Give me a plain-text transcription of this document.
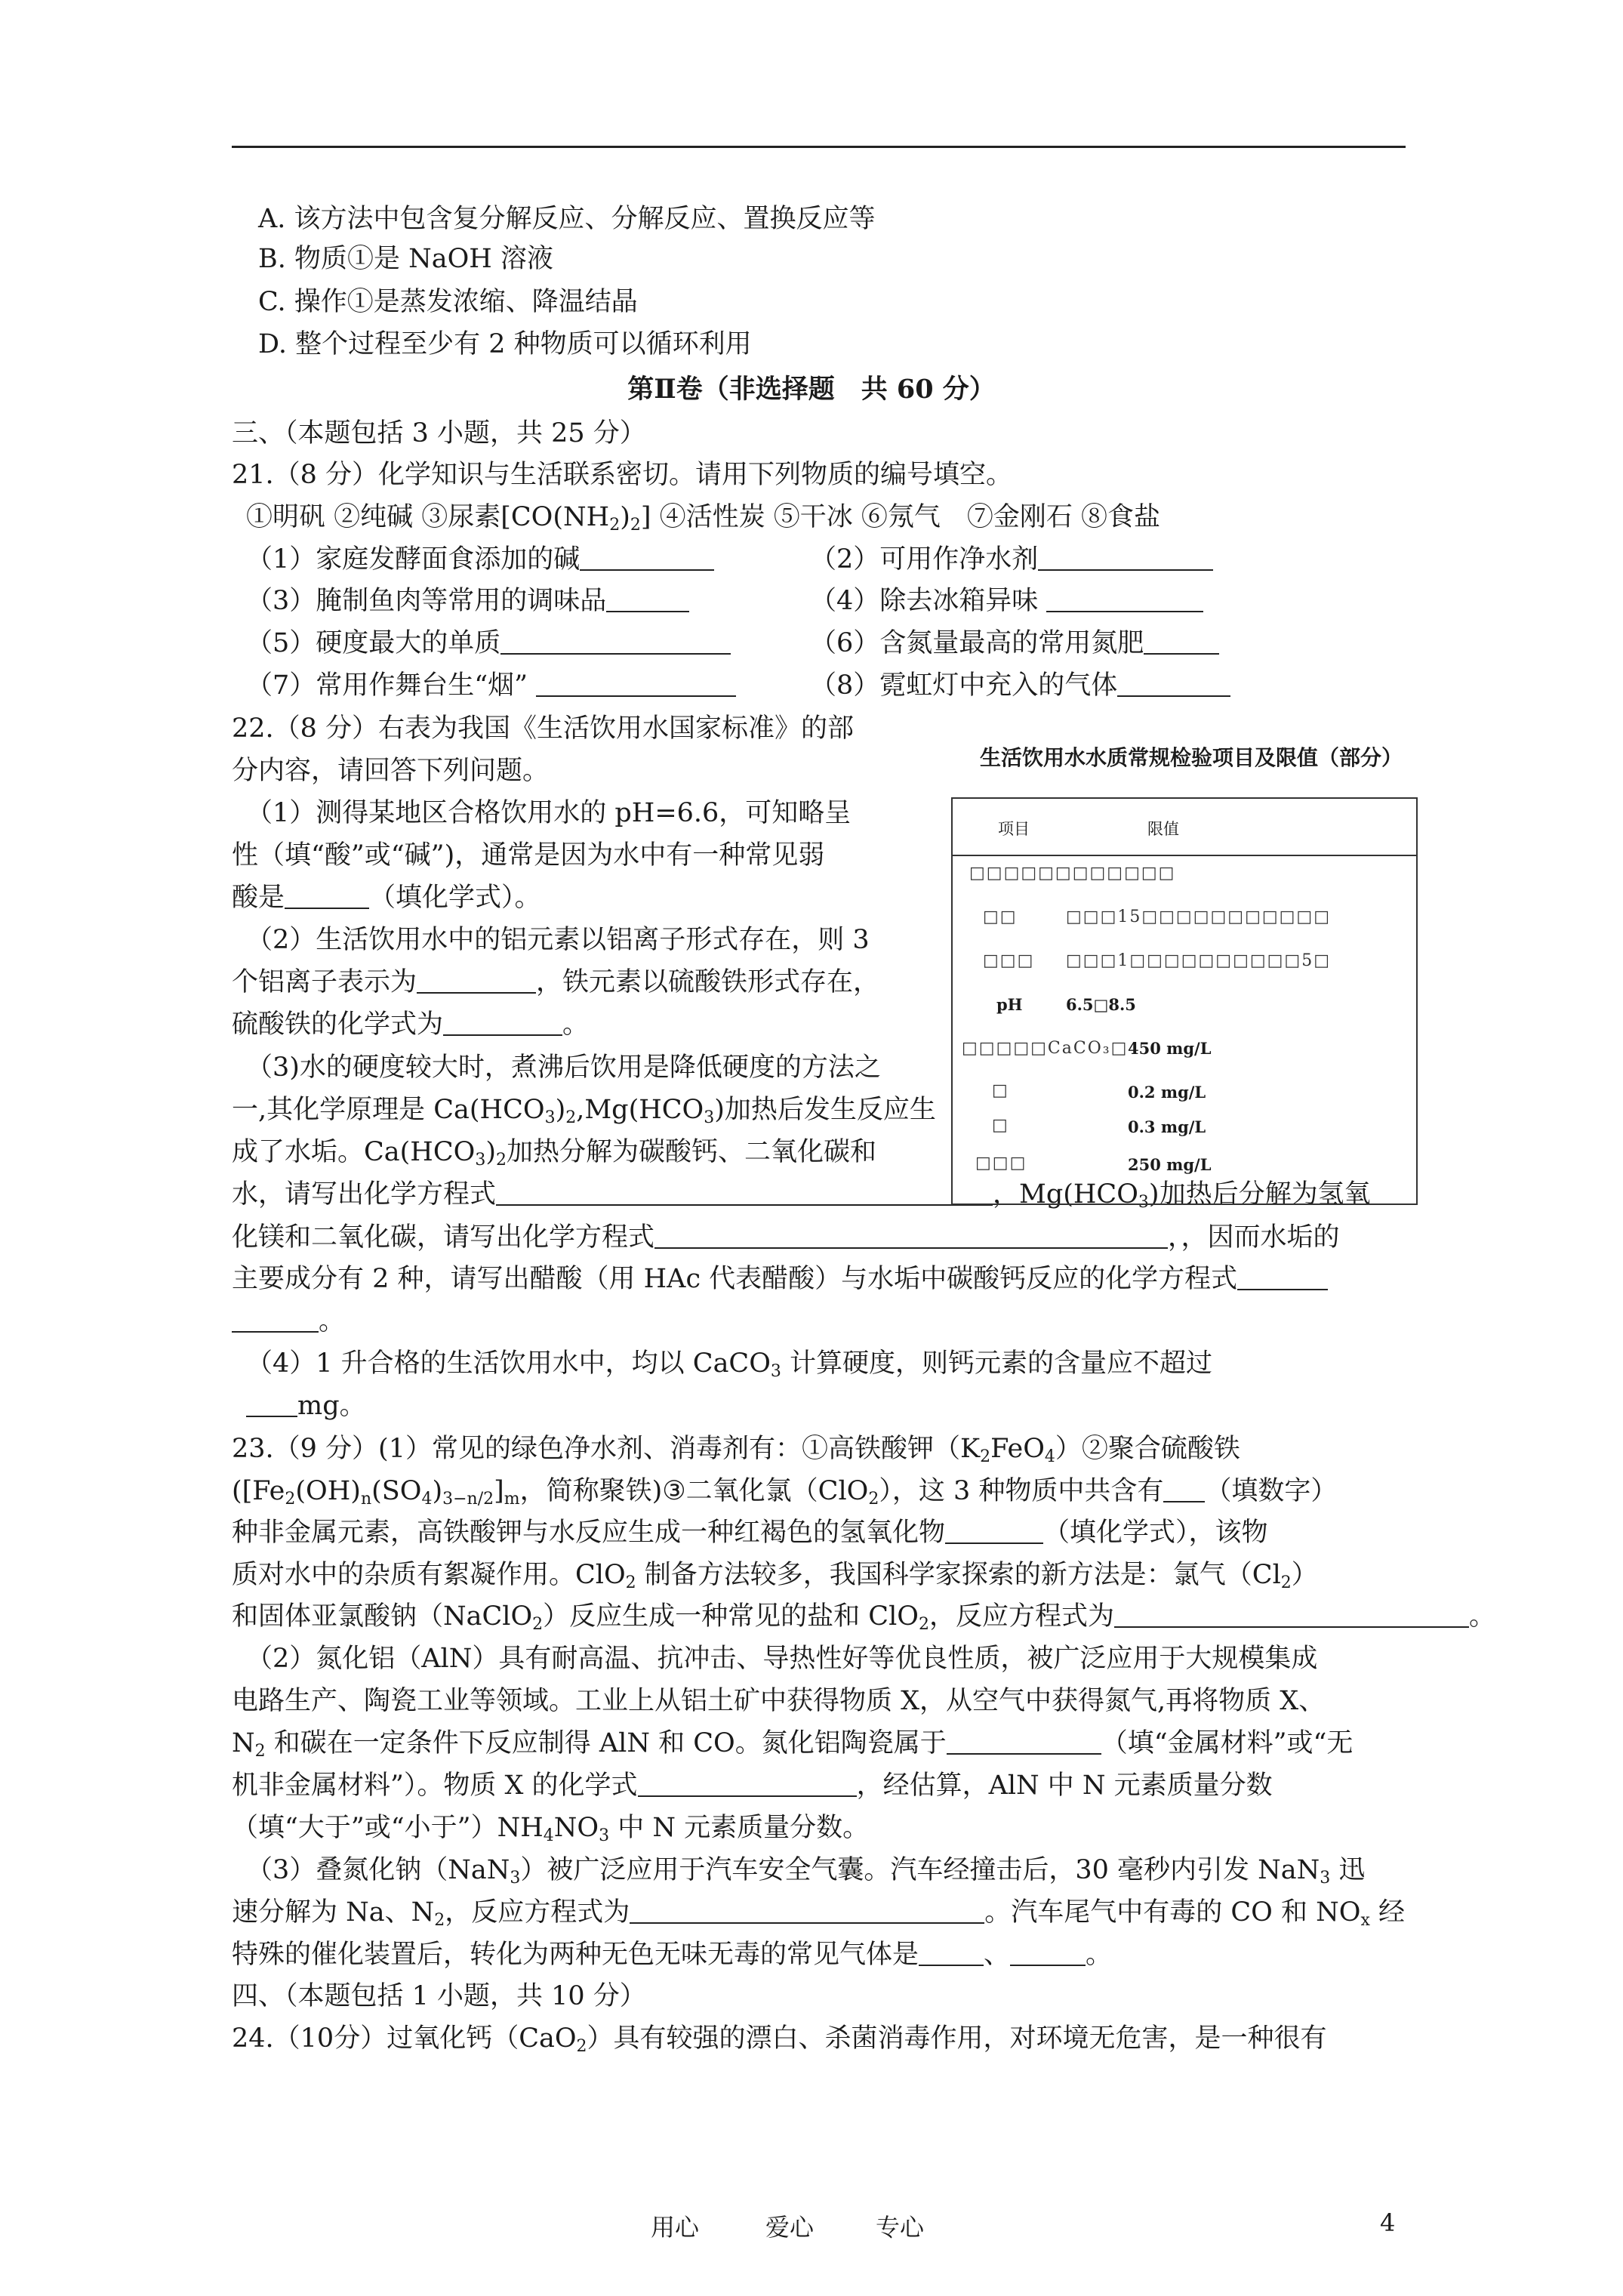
A. 该方法中包含复分解反应、分解反应、置换反应等
B. 物质①是 NaOH 溶液
C. 操作①是蒸发浓缩、降温结晶
D. 整个过程至少有 2 种物质可以循环利用
第Ⅱ卷（非选择题　共 60 分）
三、（本题包括 3 小题，共 25 分）
21.（8 分）化学知识与生活联系密切。请用下列物质的编号填空。
①明矾 ②纯碱 ③尿素$[CO(NH_2)_2]$ ④活性炭 ⑤干冰 ⑥氖气　⑦金刚石 ⑧食盐
（1）家庭发酵面食添加的碱	（2）可用作净水剂
（3）腌制鱼肉等常用的调味品	（4）除去冰箱异味
（5）硬度最大的单质	（6）含氮量最高的常用氮肥
（7）常用作舞台生“烟”	（8）霓虹灯中充入的气体
22.（8 分）右表为我国《生活饮用水国家标准》的部
分内容，请回答下列问题。
（1）测得某地区合格饮用水的 pH=6.6，可知略呈
性（填“酸”或“碱”)，通常是因为水中有一种常见弱
酸是	（填化学式）。
（2）生活饮用水中的铝元素以铝离子形式存在，则 3
个铝离子表示为	，铁元素以硫酸铁形式存在，
硫酸铁的化学式为	。
（3)水的硬度较大时，煮沸后饮用是降低硬度的方法之
一,其化学原理是 $Ca(HCO_3)_2,Mg(HCO_3)$加热后发生反应生
成了水垢。$Ca(HCO_3)_2$加热分解为碳酸钙、二氧化碳和
水，请写出化学方程式	，$Mg(HCO_3)$加热后分解为氢氧
化镁和二氧化碳，请写出化学方程式	，，因而水垢的
主要成分有 2 种，请写出醋酸（用 HAc 代表醋酸）与水垢中碳酸钙反应的化学方程式
。
（4）1 升合格的生活饮用水中，均以 CaCO$_3$ 计算硬度，则钙元素的含量应不超过
mg。
生活饮用水水质常规检验项目及限值（部分）
项目	限值
□□□□□□□□□□□□
□□	□□□15□□□□□□□□□□□
□□□ □□□1□□□□□□□□□□5□
pH	6.5□8.5
□□□□□CaCO₃□ 450 mg/L
□	0.2 mg/L
□	0.3 mg/L
□□□	250 mg/L
23.（9 分）(1）常见的绿色净水剂、消毒剂有：①高铁酸钾$(K_2FeO_4)②$聚合硫酸铁
($[Fe_2(OH)_n(SO_4)_{3-n/2}]_m$，简称聚铁)③二氧化氯（ClO$_2$），这 3 种物质中共含有 （填数字）
种非金属元素，高铁酸钾与水反应生成一种红褐色的氢氧化物	（填化学式），该物
质对水中的杂质有絮凝作用。ClO$_2$ 制备方法较多，我国科学家探索的新方法是：氯气$(Cl_2)$
和固体亚氯酸钠（NaClO$_2$）反应生成一种常见的盐和 ClO$_2$，反应方程式为	。
（2）氮化铝（AlN）具有耐高温、抗冲击、导热性好等优良性质，被广泛应用于大规模集成
电路生产、陶瓷工业等领域。工业上从铝土矿中获得物质 X，从空气中获得氮气,再将物质 X、
$N_2$ 和碳在一定条件下反应制得 AlN 和 CO。氮化铝陶瓷属于	（填“金属材料”或“无
机非金属材料”）。物质 X 的化学式	，经估算，AlN 中 N 元素质量分数
（填“大于”或“小于$”)NH_4NO_3$ 中 N 元素质量分数。
（3）叠氮化钠（NaN$_3$）被广泛应用于汽车安全气囊。汽车经撞击后，30 毫秒内引发 NaN$_3$ 迅
速分解为 Na、$N_2$，反应方程式为	。汽车尾气中有毒的 CO 和 $NO_x$ 经
特殊的催化装置后，转化为两种无色无味无毒的常见气体是 、	。
四、（本题包括 1 小题，共 10 分）
24.（10分）过氧化钙（CaO$_2$）具有较强的漂白、杀菌消毒作用，对环境无危害，是一种很有
用心	爱心	专心	4
